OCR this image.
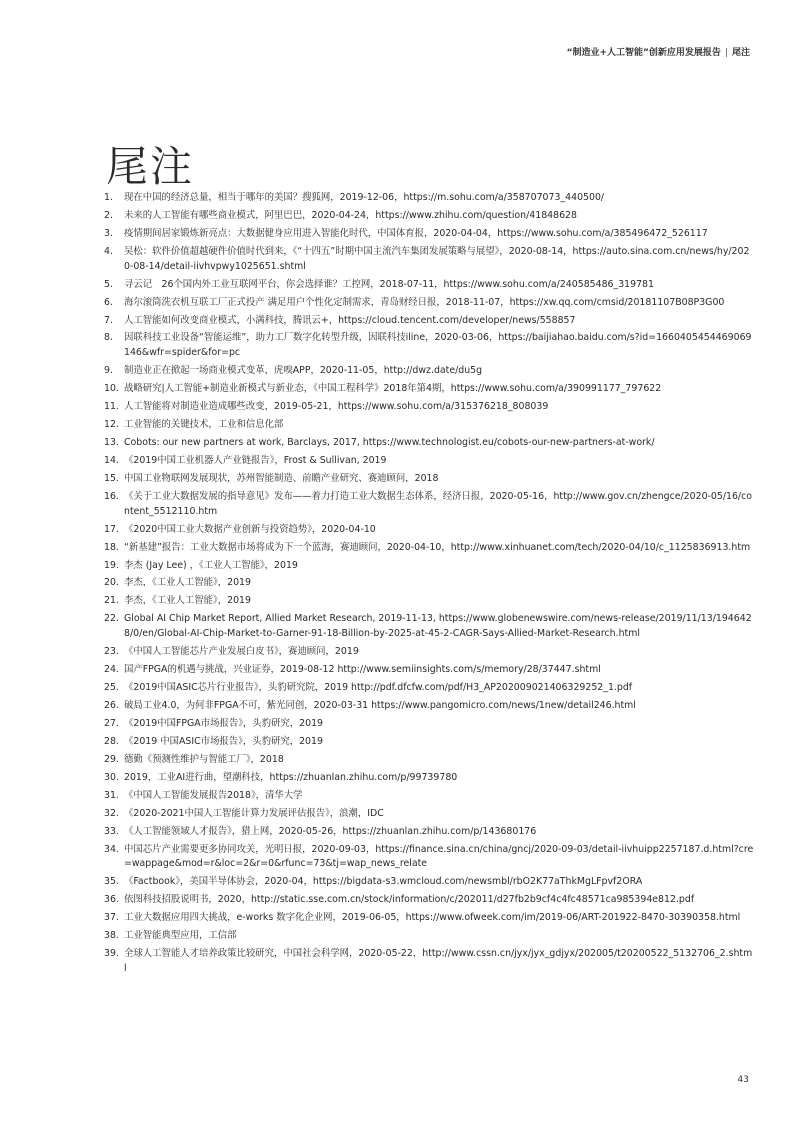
“制造业+人工智能”创新应用发展报告 | 尾注
尾注
1.	现在中国的经济总量，相当于哪年的美国？搜狐网，2019-12-06，https://m.sohu.com/a/358707073_440500/
2.	未来的人工智能有哪些商业模式，阿里巴巴，2020-04-24，https://www.zhihu.com/question/41848628
3.	疫情期间居家锻炼新亮点：大数据健身应用进入智能化时代，中国体育报，2020-04-04，https://www.sohu.com/a/385496472_526117
4.	吴松：软件价值超越硬件价值时代到来，《“十四五”时期中国主流汽车集团发展策略与展望》，2020-08-14，https://auto.sina.com.cn/news/hy/2020-08-14/detail-iivhvpwy1025651.shtml
5.	寻云记　26个国内外工业互联网平台，你会选择谁？工控网，2018-07-11，https://www.sohu.com/a/240585486_319781
6.	海尔滚筒洗衣机互联工厂正式投产 满足用户个性化定制需求，青岛财经日报，2018-11-07，https://xw.qq.com/cmsid/20181107B08P3G00
7.	人工智能如何改变商业模式，小满科技，腾讯云+，https://cloud.tencent.com/developer/news/558857
8.	因联科技工业设备“智能运维”，助力工厂数字化转型升级，因联科技iline，2020-03-06，https://baijiahao.baidu.com/s?id=1660405454469069146&wfr=spider&for=pc
9.	制造业正在掀起一场商业模式变革，虎嗅APP，2020-11-05，http://dwz.date/du5g
10. 战略研究|人工智能+制造业新模式与新业态，《中国工程科学》2018年第4期，https://www.sohu.com/a/390991177_797622
11. 人工智能将对制造业造成哪些改变，2019-05-21，https://www.sohu.com/a/315376218_808039
12. 工业智能的关键技术，工业和信息化部
13. Cobots: our new partners at work, Barclays, 2017, https://www.technologist.eu/cobots-our-new-partners-at-work/
14. 《2019中国工业机器人产业链报告》，Frost & Sullivan, 2019
15. 中国工业物联网发展现状，苏州智能制造、前瞻产业研究、赛迪顾问，2018
16. 《关于工业大数据发展的指导意见》发布——着力打造工业大数据生态体系，经济日报，2020-05-16，http://www.gov.cn/zhengce/2020-05/16/content_5512110.htm
17. 《2020中国工业大数据产业创新与投资趋势》，2020-04-10
18. “新基建”报告：工业大数据市场将成为下一个蓝海，赛迪顾问，2020-04-10，http://www.xinhuanet.com/tech/2020-04/10/c_1125836913.htm
19. 李杰 (Jay Lee) ，《工业人工智能》，2019
20. 李杰，《工业人工智能》，2019
21. 李杰，《工业人工智能》，2019
22. Global AI Chip Market Report, Allied Market Research, 2019-11-13, https://www.globenewswire.com/news-release/2019/11/13/1946428/0/en/Global-AI-Chip-Market-to-Garner-91-18-Billion-by-2025-at-45-2-CAGR-Says-Allied-Market-Research.html
23. 《中国人工智能芯片产业发展白皮书》，赛迪顾问，2019
24. 国产FPGA的机遇与挑战，兴业证券，2019-08-12 http://www.semiinsights.com/s/memory/28/37447.shtml
25. 《2019中国ASIC芯片行业报告》，头豹研究院，2019 http://pdf.dfcfw.com/pdf/H3_AP202009021406329252_1.pdf
26. 破局工业4.0，为何非FPGA不可，紫光同创，2020-03-31 https://www.pangomicro.com/news/1new/detail246.html
27. 《2019中国FPGA市场报告》，头豹研究，2019
28. 《2019 中国ASIC市场报告》，头豹研究，2019
29. 德勤《预测性维护与智能工厂》，2018
30. 2019，工业AI进行曲，望潮科技，https://zhuanlan.zhihu.com/p/99739780
31. 《中国人工智能发展报告2018》，清华大学
32. 《2020-2021中国人工智能计算力发展评估报告》，浪潮，IDC
33. 《人工智能领域人才报告》，猎上网，2020-05-26，https://zhuanlan.zhihu.com/p/143680176
34. 中国芯片产业需要更多协同攻关，光明日报，2020-09-03，https://finance.sina.cn/china/gncj/2020-09-03/detail-iivhuipp2257187.d.html?cre=wappage&mod=r&loc=2&r=0&rfunc=73&tj=wap_news_relate
35. 《Factbook》，美国半导体协会，2020-04，https://bigdata-s3.wmcloud.com/newsmbl/rbO2K77aThkMgLFpvf2ORA
36. 依图科技招股说明书，2020，http://static.sse.com.cn/stock/information/c/202011/d27fb2b9cf4c4fc48571ca985394e812.pdf
37. 工业大数据应用四大挑战，e-works 数字化企业网，2019-06-05，https://www.ofweek.com/im/2019-06/ART-201922-8470-30390358.html
38. 工业智能典型应用，工信部
39. 全球人工智能人才培养政策比较研究，中国社会科学网，2020-05-22，http://www.cssn.cn/jyx/jyx_gdjyx/202005/t20200522_5132706_2.shtml
43
